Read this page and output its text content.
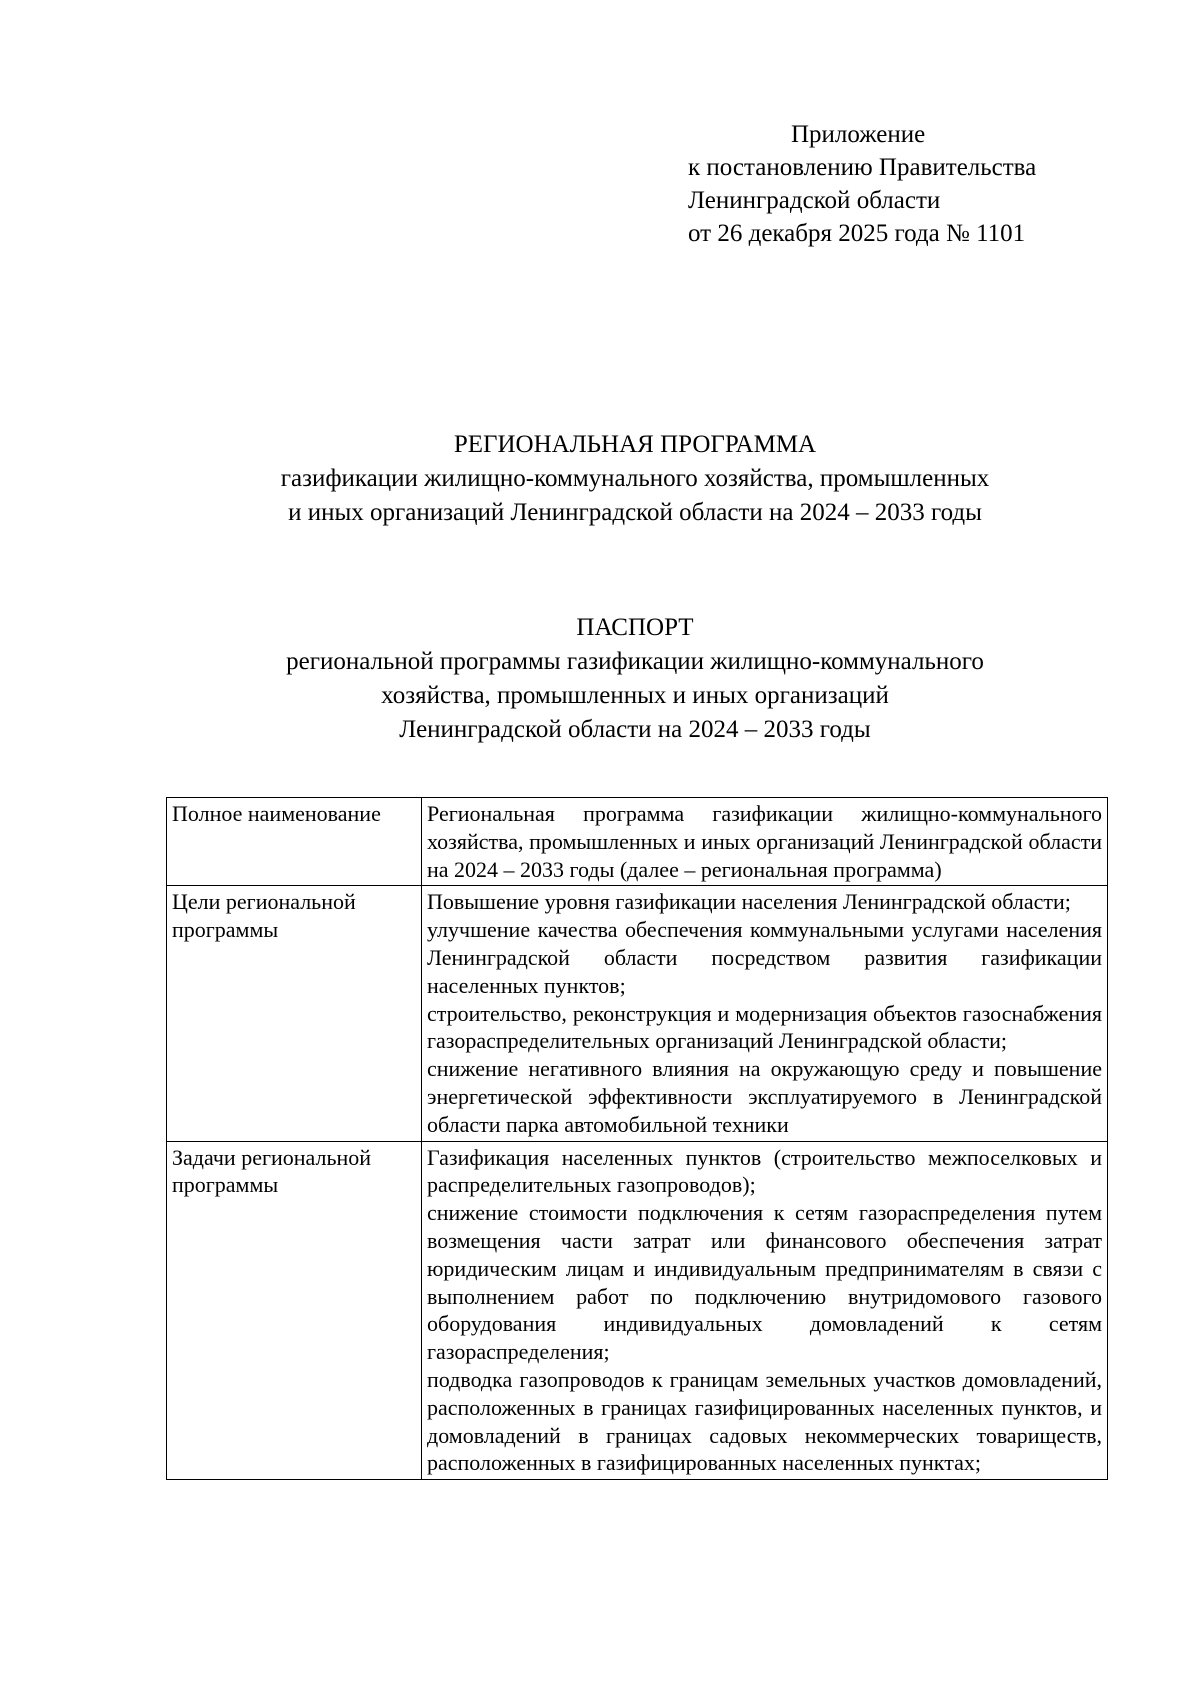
Приложение
к постановлению Правительства
Ленинградской области
от 26 декабря 2025 года № 1101
РЕГИОНАЛЬНАЯ ПРОГРАММА
газификации жилищно-коммунального хозяйства, промышленных
и иных организаций Ленинградской области на 2024 – 2033 годы
ПАСПОРТ
региональной программы газификации жилищно-коммунального
хозяйства, промышленных и иных организаций
Ленинградской области на 2024 – 2033 годы
Полное наименование	Региональная программа газификации жилищно-коммунального хозяйства, промышленных и иных организаций Ленинградской области на 2024 – 2033 годы (далее – региональная программа)

Цели региональной программы	Повышение уровня газификации населения Ленинградской области;
улучшение качества обеспечения коммунальными услугами населения Ленинградской области посредством развития газификации населенных пунктов;
строительство, реконструкция и модернизация объектов газоснабжения газораспределительных организаций Ленинградской области;
снижение негативного влияния на окружающую среду и повышение энергетической эффективности эксплуатируемого в Ленинградской области парка автомобильной техники

Задачи региональной программы	Газификация населенных пунктов (строительство межпоселковых и распределительных газопроводов);
снижение стоимости подключения к сетям газораспределения путем возмещения части затрат или финансового обеспечения затрат юридическим лицам и индивидуальным предпринимателям в связи с выполнением работ по подключению внутридомового газового оборудования индивидуальных домовладений к сетям газораспределения;
подводка газопроводов к границам земельных участков домовладений, расположенных в границах газифицированных населенных пунктов, и домовладений в границах садовых некоммерческих товариществ, расположенных в газифицированных населенных пунктах;
